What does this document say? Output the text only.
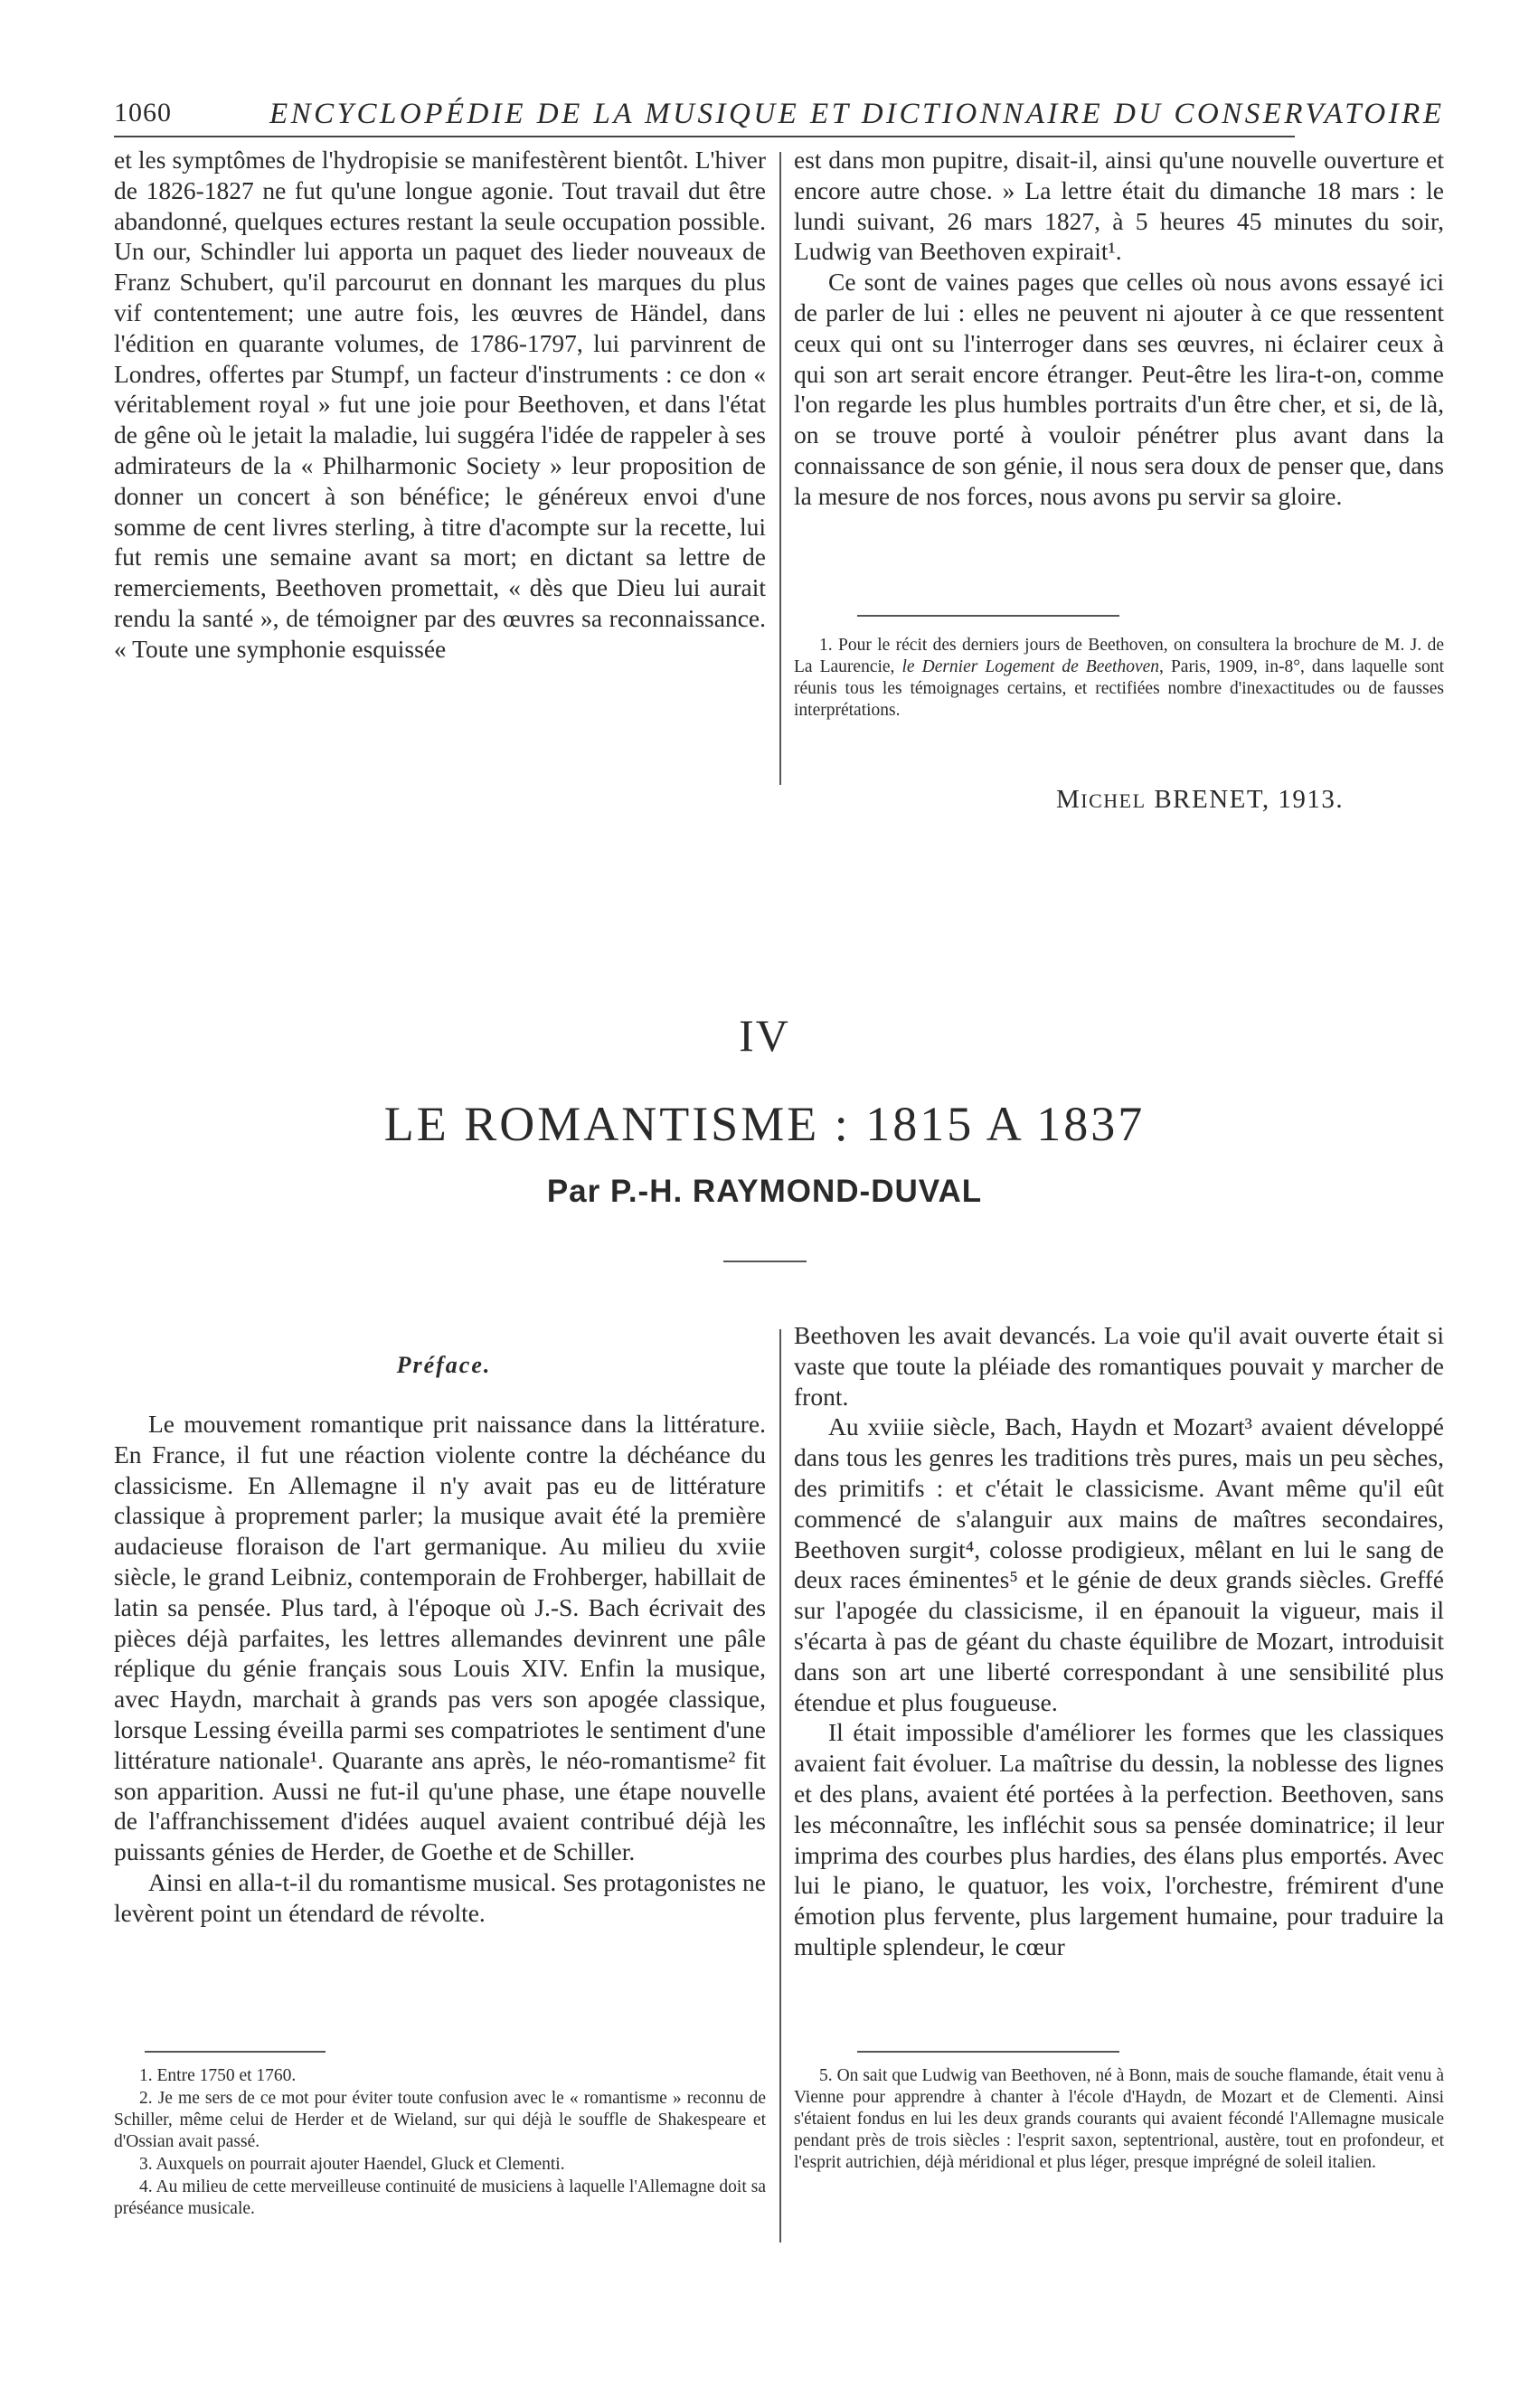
1060	ENCYCLOPÉDIE DE LA MUSIQUE ET DICTIONNAIRE DU CONSERVATOIRE

et les symptômes de l'hydropisie se manifestèrent bientôt. L'hiver de 1826-1827 ne fut qu'une longue agonie. Tout travail dut être abandonné, quelques ectures restant la seule occupation possible. Un our, Schindler lui apporta un paquet des lieder nouveaux de Franz Schubert, qu'il parcourut en donnant les marques du plus vif contentement; une autre fois, les œuvres de Händel, dans l'édition en quarante volumes, de 1786-1797, lui parvinrent de Londres, offertes par Stumpf, un facteur d'instruments : ce don « véritablement royal » fut une joie pour Beethoven, et dans l'état de gêne où le jetait la maladie, lui suggéra l'idée de rappeler à ses admirateurs de la « Philharmonic Society » leur proposition de donner un concert à son bénéfice; le généreux envoi d'une somme de cent livres sterling, à titre d'acompte sur la recette, lui fut remis une semaine avant sa mort; en dictant sa lettre de remerciements, Beethoven promettait, « dès que Dieu lui aurait rendu la santé », de témoigner par des œuvres sa reconnaissance. « Toute une symphonie esquissée

est dans mon pupitre, disait-il, ainsi qu'une nouvelle ouverture et encore autre chose. » La lettre était du dimanche 18 mars : le lundi suivant, 26 mars 1827, à 5 heures 45 minutes du soir, Ludwig van Beethoven expirait¹.

Ce sont de vaines pages que celles où nous avons essayé ici de parler de lui : elles ne peuvent ni ajouter à ce que ressentent ceux qui ont su l'interroger dans ses œuvres, ni éclairer ceux à qui son art serait encore étranger. Peut-être les lira-t-on, comme l'on regarde les plus humbles portraits d'un être cher, et si, de là, on se trouve porté à vouloir pénétrer plus avant dans la connaissance de son génie, il nous sera doux de penser que, dans la mesure de nos forces, nous avons pu servir sa gloire.

1. Pour le récit des derniers jours de Beethoven, on consultera la brochure de M. J. de La Laurencie, le Dernier Logement de Beethoven, Paris, 1909, in-8°, dans laquelle sont réunis tous les témoignages certains, et rectifiées nombre d'inexactitudes ou de fausses interprétations.

MICHEL BRENET, 1913.
IV
LE ROMANTISME : 1815 A 1837
Par P.-H. RAYMOND-DUVAL
Préface.

Le mouvement romantique prit naissance dans la littérature. En France, il fut une réaction violente contre la déchéance du classicisme. En Allemagne il n'y avait pas eu de littérature classique à proprement parler; la musique avait été la première audacieuse floraison de l'art germanique. Au milieu du xviie siècle, le grand Leibniz, contemporain de Frohberger, habillait de latin sa pensée. Plus tard, à l'époque où J.-S. Bach écrivait des pièces déjà parfaites, les lettres allemandes devinrent une pâle réplique du génie français sous Louis XIV. Enfin la musique, avec Haydn, marchait à grands pas vers son apogée classique, lorsque Lessing éveilla parmi ses compatriotes le sentiment d'une littérature nationale¹. Quarante ans après, le néo-romantisme² fit son apparition. Aussi ne fut-il qu'une phase, une étape nouvelle de l'affranchissement d'idées auquel avaient contribué déjà les puissants génies de Herder, de Goethe et de Schiller.

Ainsi en alla-t-il du romantisme musical. Ses protagonistes ne levèrent point un étendard de révolte.

1. Entre 1750 et 1760.

2. Je me sers de ce mot pour éviter toute confusion avec le « romantisme » reconnu de Schiller, même celui de Herder et de Wieland, sur qui déjà le souffle de Shakespeare et d'Ossian avait passé.

3. Auxquels on pourrait ajouter Haendel, Gluck et Clementi.

4. Au milieu de cette merveilleuse continuité de musiciens à laquelle l'Allemagne doit sa préséance musicale.

Beethoven les avait devancés. La voie qu'il avait ouverte était si vaste que toute la pléiade des romantiques pouvait y marcher de front.

Au xviiie siècle, Bach, Haydn et Mozart³ avaient développé dans tous les genres les traditions très pures, mais un peu sèches, des primitifs : et c'était le classicisme. Avant même qu'il eût commencé de s'alanguir aux mains de maîtres secondaires, Beethoven surgit⁴, colosse prodigieux, mêlant en lui le sang de deux races éminentes⁵ et le génie de deux grands siècles. Greffé sur l'apogée du classicisme, il en épanouit la vigueur, mais il s'écarta à pas de géant du chaste équilibre de Mozart, introduisit dans son art une liberté correspondant à une sensibilité plus étendue et plus fougueuse.

Il était impossible d'améliorer les formes que les classiques avaient fait évoluer. La maîtrise du dessin, la noblesse des lignes et des plans, avaient été portées à la perfection. Beethoven, sans les méconnaître, les infléchit sous sa pensée dominatrice; il leur imprima des courbes plus hardies, des élans plus emportés. Avec lui le piano, le quatuor, les voix, l'orchestre, frémirent d'une émotion plus fervente, plus largement humaine, pour traduire la multiple splendeur, le cœur

5. On sait que Ludwig van Beethoven, né à Bonn, mais de souche flamande, était venu à Vienne pour apprendre à chanter à l'école d'Haydn, de Mozart et de Clementi. Ainsi s'étaient fondus en lui les deux grands courants qui avaient fécondé l'Allemagne musicale pendant près de trois siècles : l'esprit saxon, septentrional, austère, tout en profondeur, et l'esprit autrichien, déjà méridional et plus léger, presque imprégné de soleil italien.
